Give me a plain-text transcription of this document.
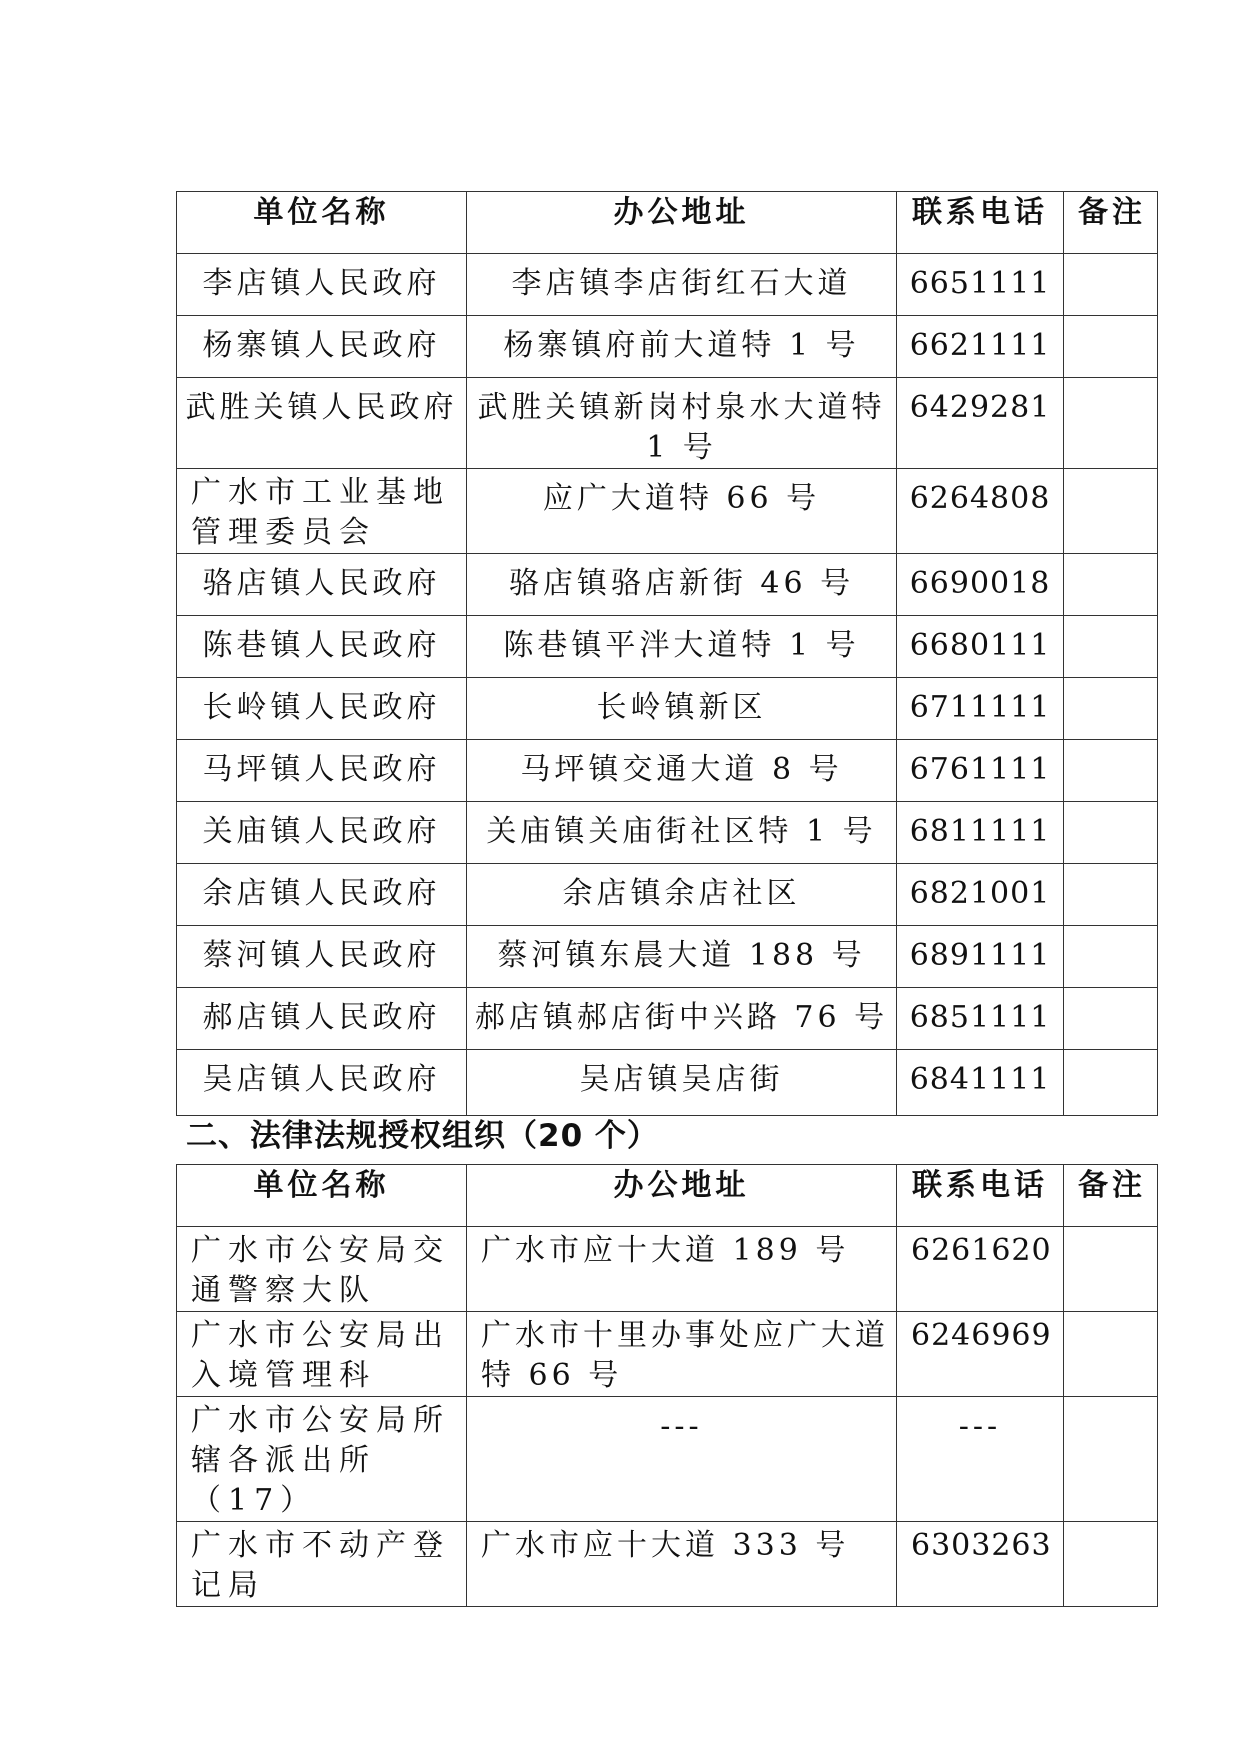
单位名称	办公地址	联系电话	备注
李店镇人民政府	李店镇李店街红石大道	6651111	
杨寨镇人民政府	杨寨镇府前大道特 1 号	6621111	
武胜关镇人民政府	武胜关镇新岗村泉水大道特 1 号	6429281	
广水市工业基地管理委员会	应广大道特 66 号	6264808	
骆店镇人民政府	骆店镇骆店新街 46 号	6690018	
陈巷镇人民政府	陈巷镇平泮大道特 1 号	6680111	
长岭镇人民政府	长岭镇新区	6711111	
马坪镇人民政府	马坪镇交通大道 8 号	6761111	
关庙镇人民政府	关庙镇关庙街社区特 1 号	6811111	
余店镇人民政府	余店镇余店社区	6821001	
蔡河镇人民政府	蔡河镇东晨大道 188 号	6891111	
郝店镇人民政府	郝店镇郝店街中兴路 76 号	6851111	
吴店镇人民政府	吴店镇吴店街	6841111	
二、法律法规授权组织（20 个）
单位名称	办公地址	联系电话	备注
广水市公安局交通警察大队	广水市应十大道 189 号	6261620	
广水市公安局出入境管理科	广水市十里办事处应广大道特 66 号	6246969	
广水市公安局所辖各派出所（17）	---	---	
广水市不动产登记局	广水市应十大道 333 号	6303263	
